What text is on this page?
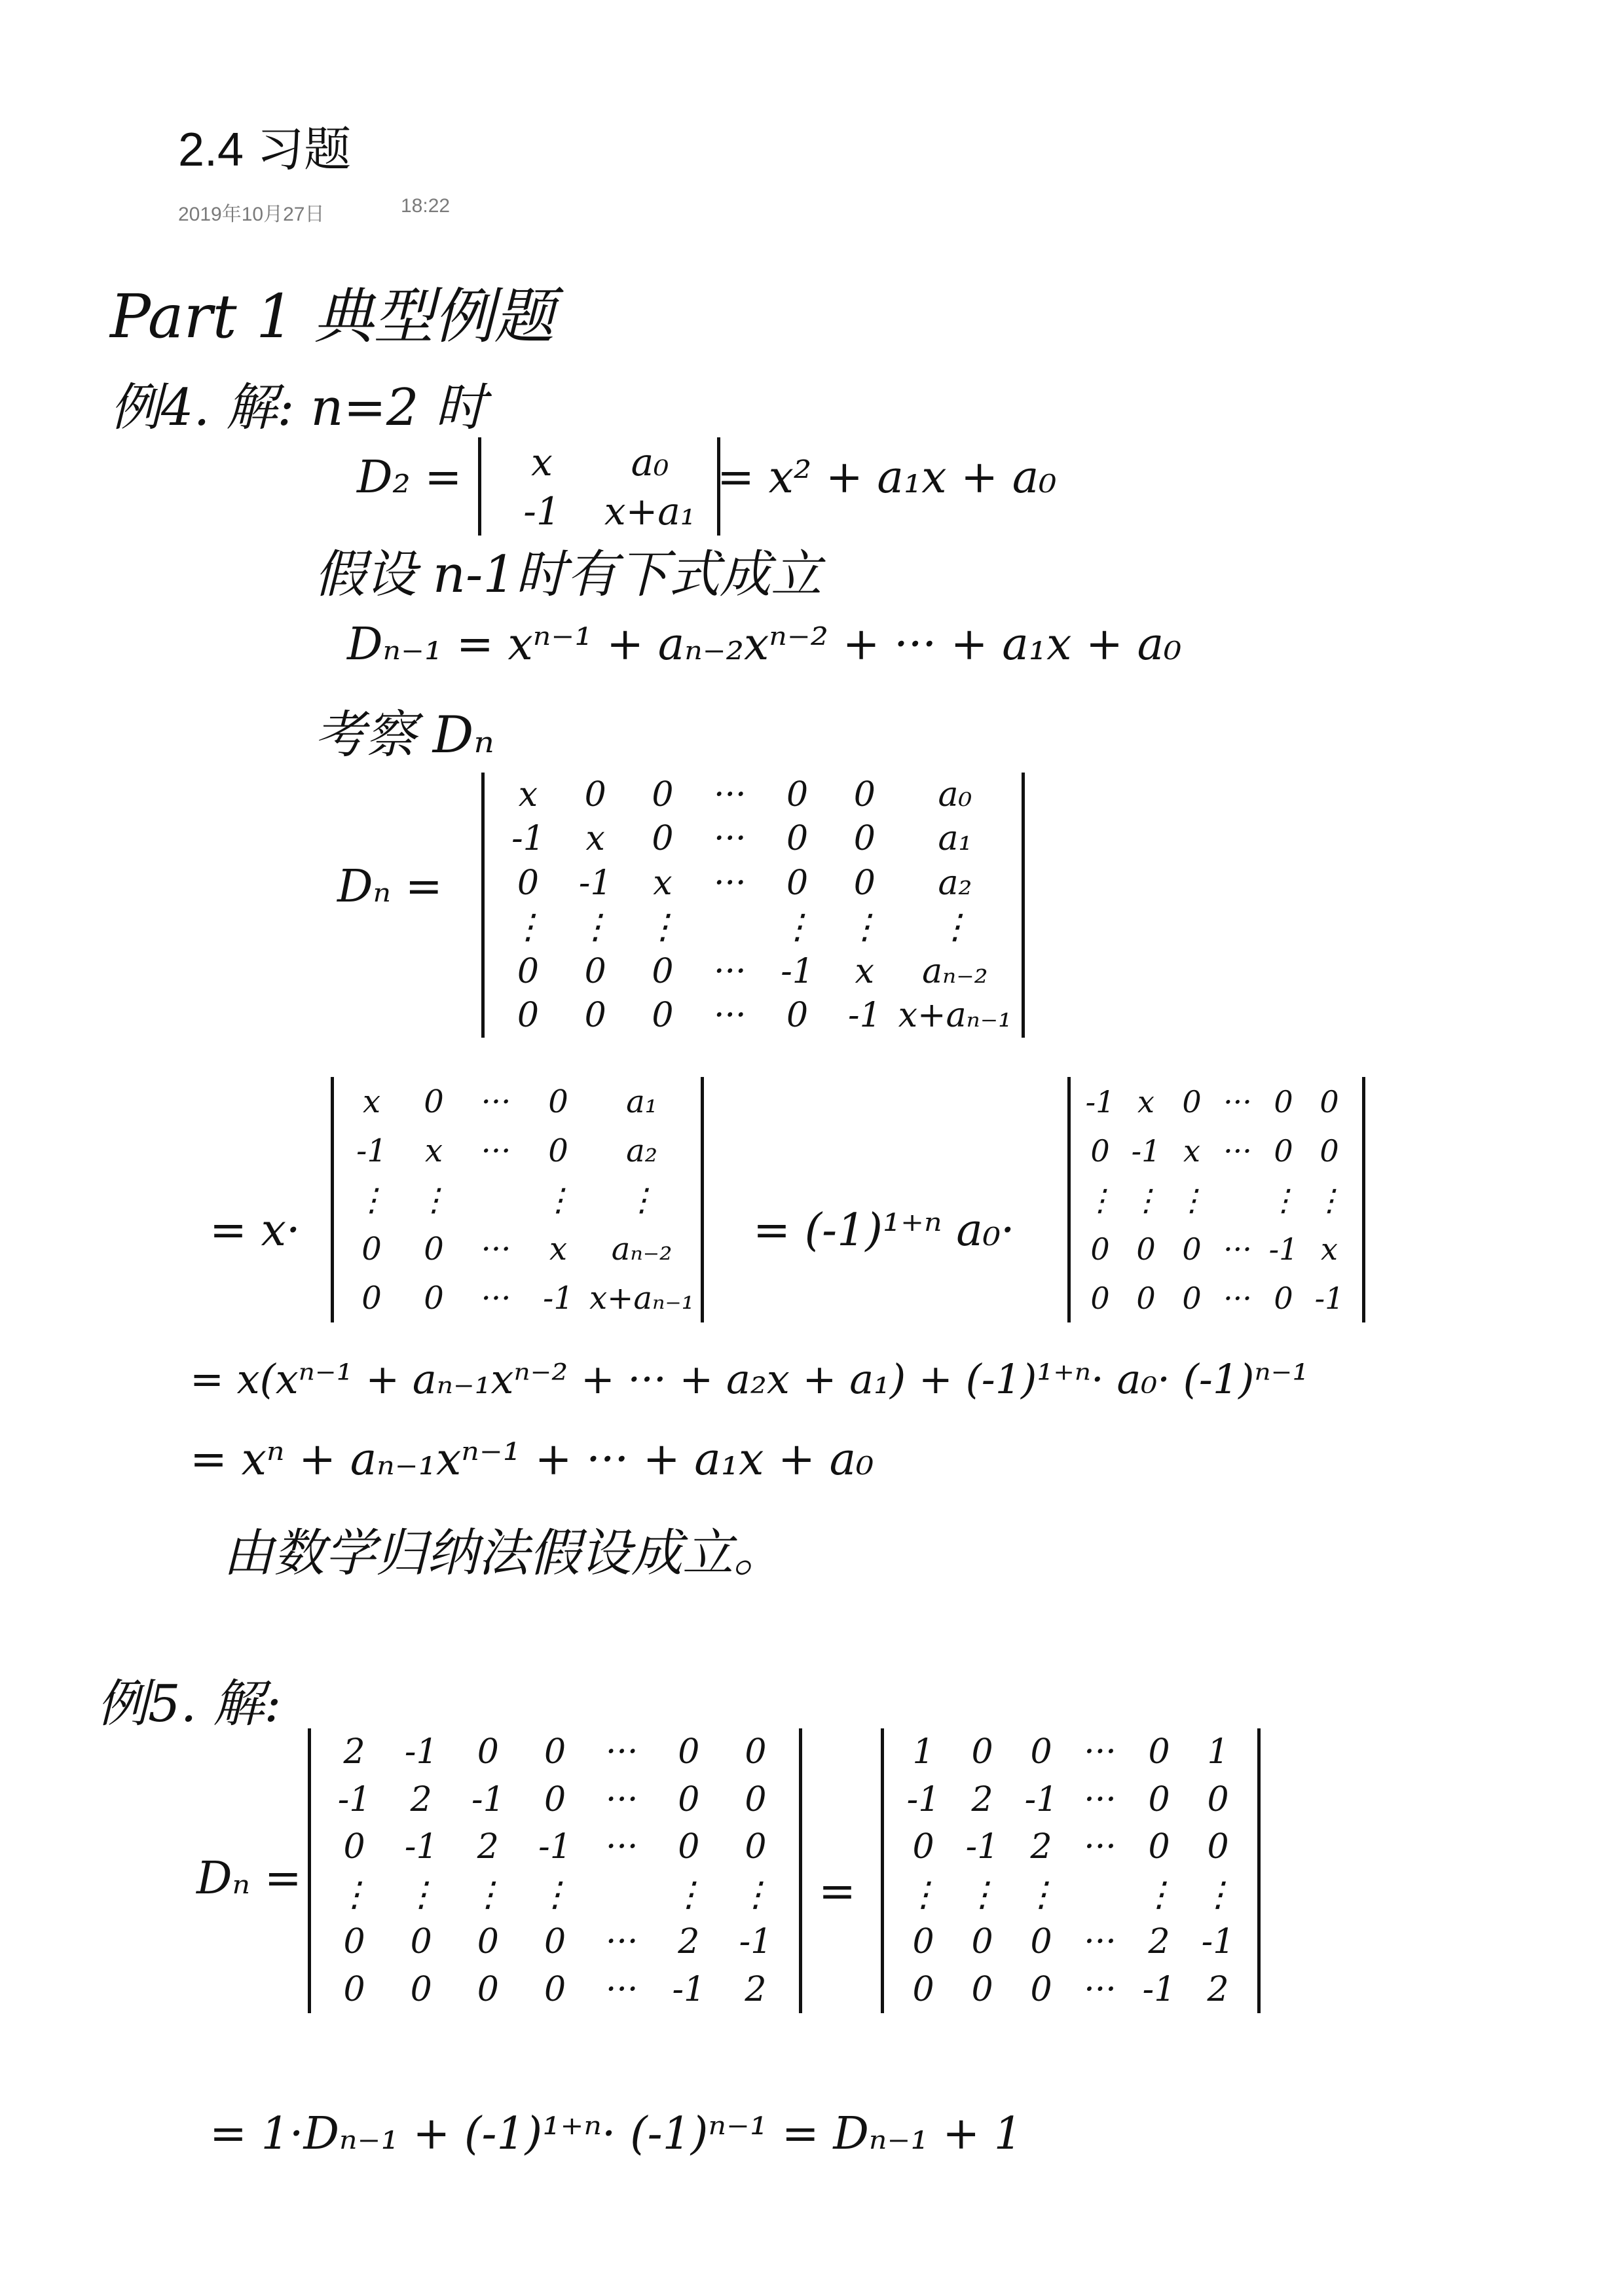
2.4 习题
2019年10月27日	18:22
Part 1 典型例题
例4. 解: n=2 时
D₂ =	x	a₀
-1	x+a₁
= x² + a₁x + a₀
假设 n-1时有下式成立
Dₙ₋₁ = xⁿ⁻¹ + aₙ₋₂xⁿ⁻² + ··· + a₁x + a₀
考察 Dₙ
Dₙ =
x	0	0	···	0	0	a₀
-1	x	0	···	0	0	a₁
0	-1	x	···	0	0	a₂
⋮ ⋮ ⋮	⋮ ⋮	⋮
0	0	0	···	-1	x	aₙ₋₂
0	0	0	···	0	-1 x+aₙ₋₁
= x·
x	0	···	0	a₁
-1	x	···	0	a₂
⋮ ⋮	⋮	⋮
0	0	···	x	aₙ₋₂
0	0	···	-1 x+aₙ₋₁
= (-1)¹⁺ⁿ a₀·
-1 x 0 ··· 0 0
0 -1 x ··· 0 0
⋮ ⋮ ⋮ ⋮ ⋮
0 0 0 ··· -1 x
0 0 0 ··· 0 -1
= x(xⁿ⁻¹ + aₙ₋₁xⁿ⁻² + ··· + a₂x + a₁) + (-1)¹⁺ⁿ· a₀· (-1)ⁿ⁻¹
= xⁿ + aₙ₋₁xⁿ⁻¹ + ··· + a₁x + a₀
由数学归纳法假设成立。
例5. 解:
Dₙ =
2	-1	0	0	···	0	0
-1	2	-1	0	···	0	0
0	-1	2	-1	···	0	0
⋮ ⋮ ⋮ ⋮	⋮ ⋮
0	0	0	0	···	2	-1
0	0	0	0	···	-1	2
=
1	0	0 ··· 0	1
-1 2 -1 ··· 0	0
0 -1 2 ··· 0	0
⋮ ⋮ ⋮	⋮ ⋮
0	0	0 ··· 2 -1
0	0	0 ··· -1 2
= 1·Dₙ₋₁ + (-1)¹⁺ⁿ· (-1)ⁿ⁻¹ = Dₙ₋₁ + 1
